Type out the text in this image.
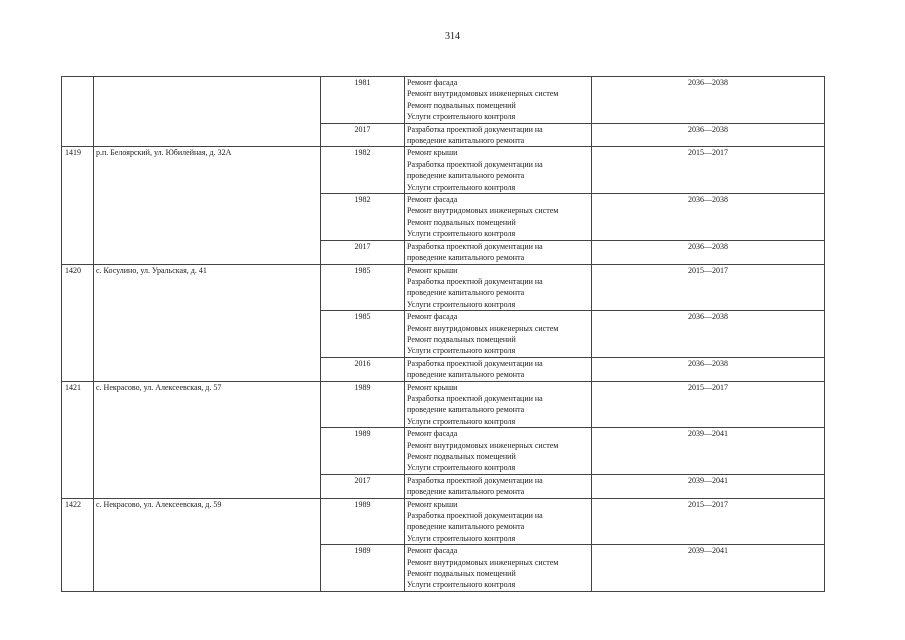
314
		1981	Ремонт фасада
Ремонт внутридомовых инженерных систем
Ремонт подвальных помещений
Услуги строительного контроля	2036—2038
		2017	Разработка проектной документации на
проведение капитального ремонта	2036—2038
1419	р.п. Белоярский, ул. Юбилейная, д. 32А	1982	Ремонт крыши
Разработка проектной документации на
проведение капитального ремонта
Услуги строительного контроля	2015—2017
		1982	Ремонт фасада
Ремонт внутридомовых инженерных систем
Ремонт подвальных помещений
Услуги строительного контроля	2036—2038
		2017	Разработка проектной документации на
проведение капитального ремонта	2036—2038
1420	с. Косулино, ул. Уральская, д. 41	1985	Ремонт крыши
Разработка проектной документации на
проведение капитального ремонта
Услуги строительного контроля	2015—2017
		1985	Ремонт фасада
Ремонт внутридомовых инженерных систем
Ремонт подвальных помещений
Услуги строительного контроля	2036—2038
		2016	Разработка проектной документации на
проведение капитального ремонта	2036—2038
1421	с. Некрасово, ул. Алексеевская, д. 57	1989	Ремонт крыши
Разработка проектной документации на
проведение капитального ремонта
Услуги строительного контроля	2015—2017
		1989	Ремонт фасада
Ремонт внутридомовых инженерных систем
Ремонт подвальных помещений
Услуги строительного контроля	2039—2041
		2017	Разработка проектной документации на
проведение капитального ремонта	2039—2041
1422	с. Некрасово, ул. Алексеевская, д. 59	1989	Ремонт крыши
Разработка проектной документации на
проведение капитального ремонта
Услуги строительного контроля	2015—2017
		1989	Ремонт фасада
Ремонт внутридомовых инженерных систем
Ремонт подвальных помещений
Услуги строительного контроля	2039—2041
